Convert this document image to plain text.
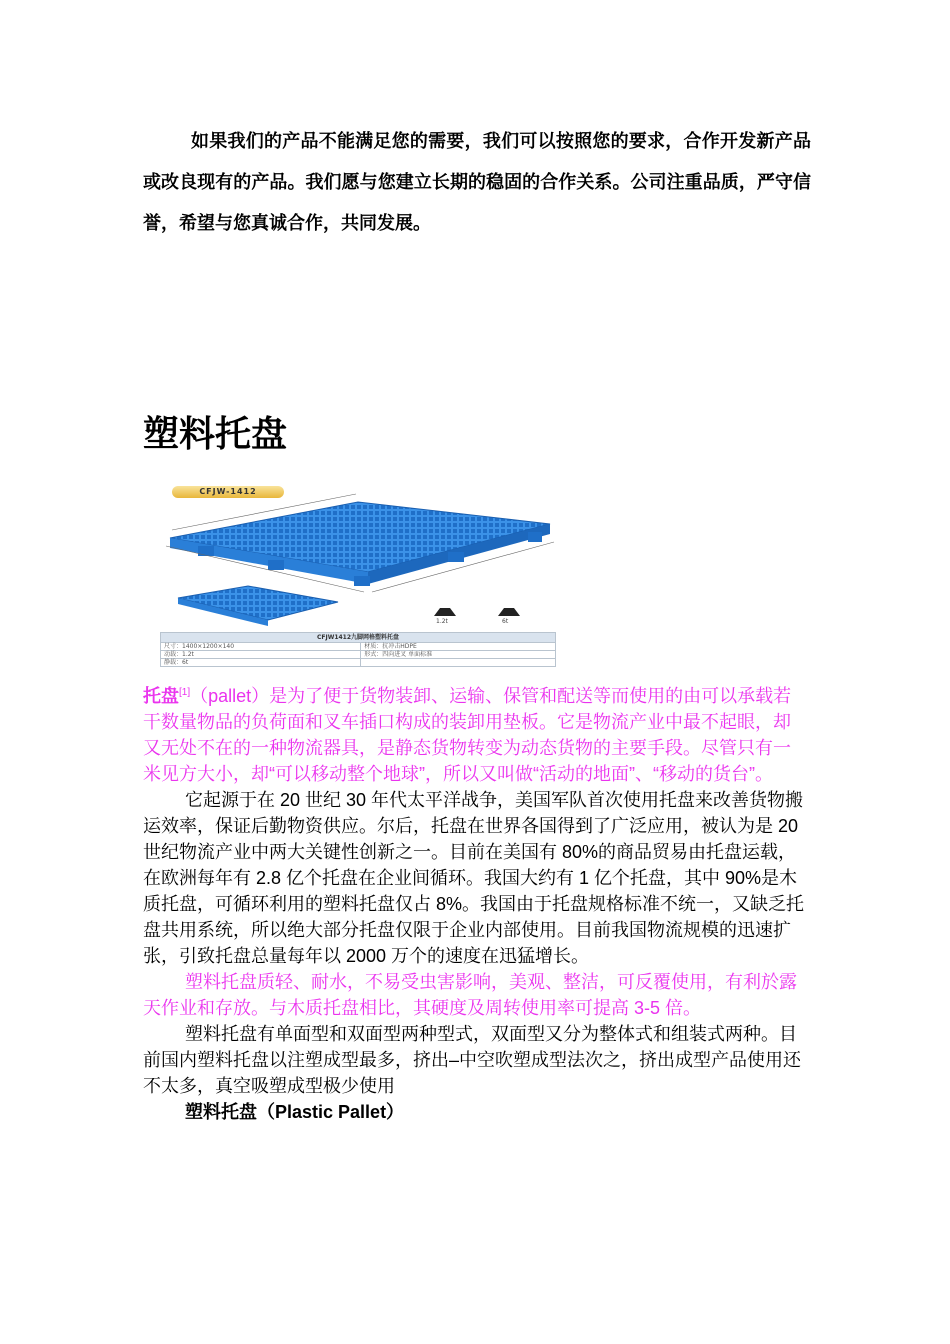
如果我们的产品不能满足您的需要，我们可以按照您的要求，合作开发新产品或改良现有的产品。我们愿与您建立长期的稳固的合作关系。公司注重品质，严守信誉，希望与您真诚合作，共同发展。

塑料托盘
CFJW-1412
CFJW1412九脚网格塑料托盘	
尺寸：1400×1200×140	材质：抗冲击HDPE
动载：1.2t	形式：四向进叉 单面标准
静载：6t	
1.2t	6t

托盘[1]（pallet）是为了便于货物装卸、运输、保管和配送等而使用的由可以承载若干数量物品的负荷面和叉车插口构成的装卸用垫板。它是物流产业中最不起眼，却又无处不在的一种物流器具，是静态货物转变为动态货物的主要手段。尽管只有一米见方大小，却“可以移动整个地球”，所以又叫做“活动的地面”、“移动的货台”。

它起源于在 20 世纪 30 年代太平洋战争，美国军队首次使用托盘来改善货物搬运效率，保证后勤物资供应。尔后，托盘在世界各国得到了广泛应用，被认为是 20 世纪物流产业中两大关键性创新之一。目前在美国有 80%的商品贸易由托盘运载，在欧洲每年有 2.8 亿个托盘在企业间循环。我国大约有 1 亿个托盘，其中 90%是木质托盘，可循环利用的塑料托盘仅占 8%。我国由于托盘规格标准不统一，又缺乏托盘共用系统，所以绝大部分托盘仅限于企业内部使用。目前我国物流规模的迅速扩张，引致托盘总量每年以 2000 万个的速度在迅猛增长。

塑料托盘质轻、耐水，不易受虫害影响，美观、整洁，可反覆使用，有利於露天作业和存放。与木质托盘相比，其硬度及周转使用率可提高 3-5 倍。

塑料托盘有单面型和双面型两种型式，双面型又分为整体式和组装式两种。目前国内塑料托盘以注塑成型最多，挤出–中空吹塑成型法次之，挤出成型产品使用还不太多，真空吸塑成型极少使用

塑料托盘（Plastic Pallet）
